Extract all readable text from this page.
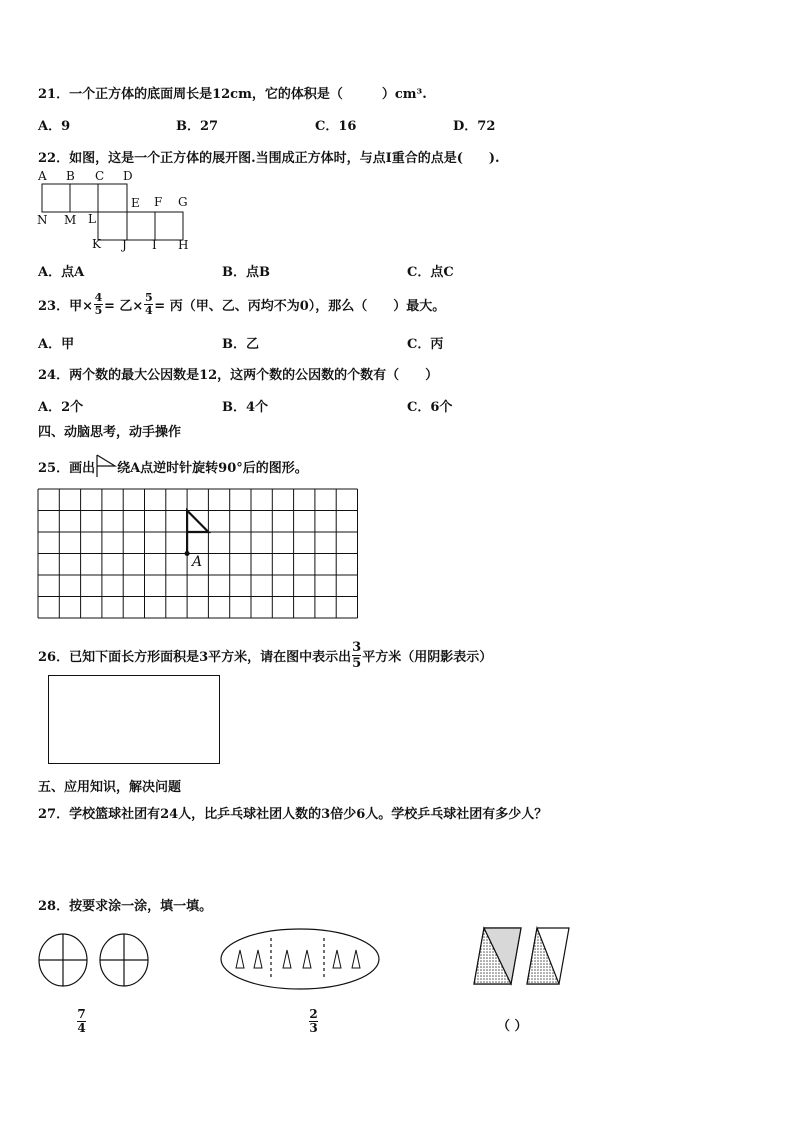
21．一个正方体的底面周长是12cm，它的体积是（　　　）cm³.
A．9	B．27	C．16	D．72
22．如图，这是一个正方体的展开图.当围成正方体时，与点I重合的点是(　　).
A B C D
E F G
N M L
K J I H
A．点A	B．点B	C．点C
23．甲× $\frac{4}{5}$ = 乙× $\frac{5}{4}$ = 丙（甲、乙、丙均不为0），那么（　　）最大。
A．甲	B．乙	C．丙
24．两个数的最大公因数是12，这两个数的公因数的个数有（　　）
A．2个	B．4个	C．6个
四、动脑思考，动手操作
25．画出 绕A点逆时针旋转90°后的图形。
A
26．已知下面长方形面积是3平方米，请在图中表示出 $\frac{3}{5}$ 平方米（用阴影表示）
五、应用知识，解决问题
27．学校篮球社团有24人，比乒乓球社团人数的3倍少6人。学校乒乓球社团有多少人？
28．按要求涂一涂，填一填。
$\frac{7}{4}$	$\frac{2}{3}$	（ ）
